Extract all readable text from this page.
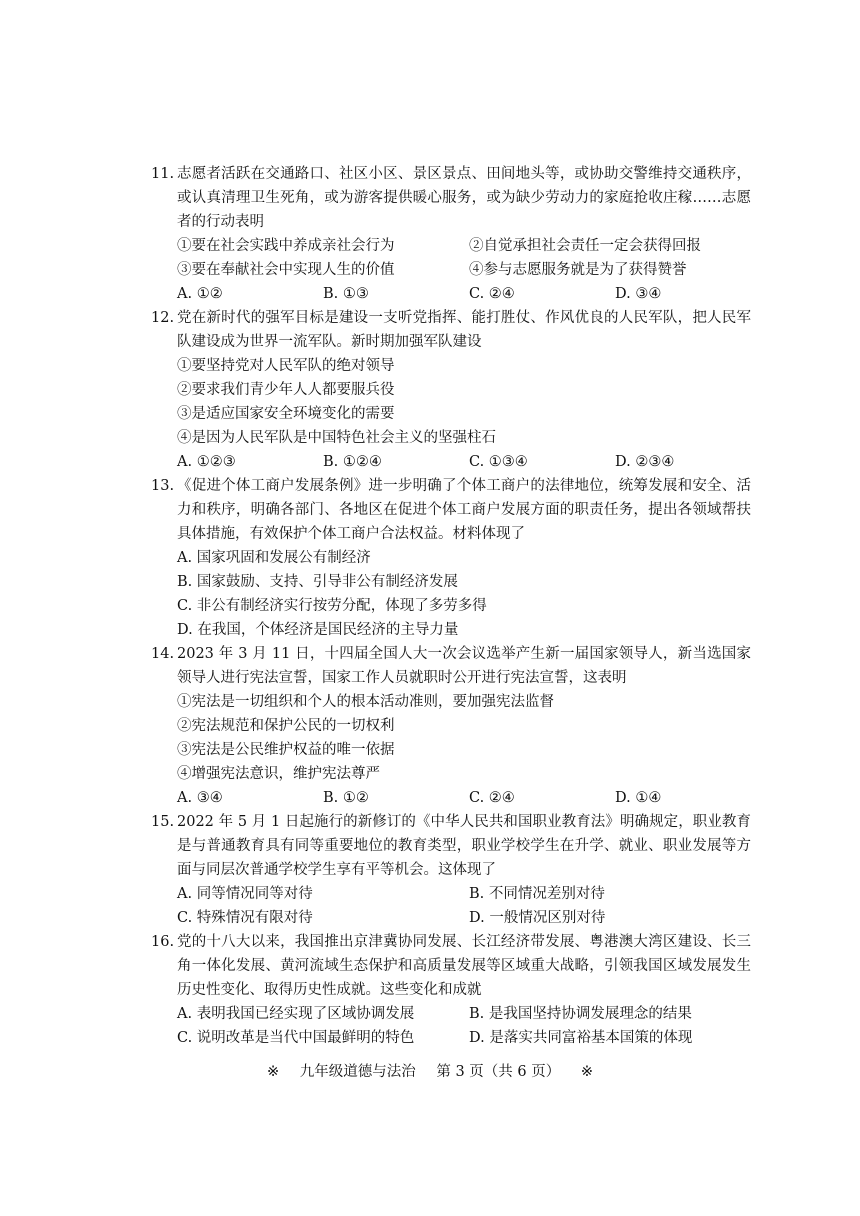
11. 志愿者活跃在交通路口、社区小区、景区景点、田间地头等，或协助交警维持交通秩序，或认真清理卫生死角，或为游客提供暖心服务，或为缺少劳动力的家庭抢收庄稼……志愿者的行动表明
①要在社会实践中养成亲社会行为	②自觉承担社会责任一定会获得回报
③要在奉献社会中实现人生的价值	④参与志愿服务就是为了获得赞誉
A. ①②	B. ①③	C. ②④	D. ③④
12. 党在新时代的强军目标是建设一支听党指挥、能打胜仗、作风优良的人民军队，把人民军队建设成为世界一流军队。新时期加强军队建设
①要坚持党对人民军队的绝对领导
②要求我们青少年人人都要服兵役
③是适应国家安全环境变化的需要
④是因为人民军队是中国特色社会主义的坚强柱石
A. ①②③	B. ①②④	C. ①③④	D. ②③④
13. 《促进个体工商户发展条例》进一步明确了个体工商户的法律地位，统筹发展和安全、活力和秩序，明确各部门、各地区在促进个体工商户发展方面的职责任务，提出各领域帮扶具体措施，有效保护个体工商户合法权益。材料体现了
A. 国家巩固和发展公有制经济
B. 国家鼓励、支持、引导非公有制经济发展
C. 非公有制经济实行按劳分配，体现了多劳多得
D. 在我国，个体经济是国民经济的主导力量
14. 2023 年 3 月 11 日，十四届全国人大一次会议选举产生新一届国家领导人，新当选国家领导人进行宪法宣誓，国家工作人员就职时公开进行宪法宣誓，这表明
①宪法是一切组织和个人的根本活动准则，要加强宪法监督
②宪法规范和保护公民的一切权利
③宪法是公民维护权益的唯一依据
④增强宪法意识，维护宪法尊严
A. ③④	B. ①②	C. ②④	D. ①④
15. 2022 年 5 月 1 日起施行的新修订的《中华人民共和国职业教育法》明确规定，职业教育是与普通教育具有同等重要地位的教育类型，职业学校学生在升学、就业、职业发展等方面与同层次普通学校学生享有平等机会。这体现了
A. 同等情况同等对待	B. 不同情况差别对待
C. 特殊情况有限对待	D. 一般情况区别对待
16. 党的十八大以来，我国推出京津冀协同发展、长江经济带发展、粤港澳大湾区建设、长三角一体化发展、黄河流域生态保护和高质量发展等区域重大战略，引领我国区域发展发生历史性变化、取得历史性成就。这些变化和成就
A. 表明我国已经实现了区域协调发展	B. 是我国坚持协调发展理念的结果
C. 说明改革是当代中国最鲜明的特色	D. 是落实共同富裕基本国策的体现
※ 九年级道德与法治 第 3 页（共 6 页） ※
